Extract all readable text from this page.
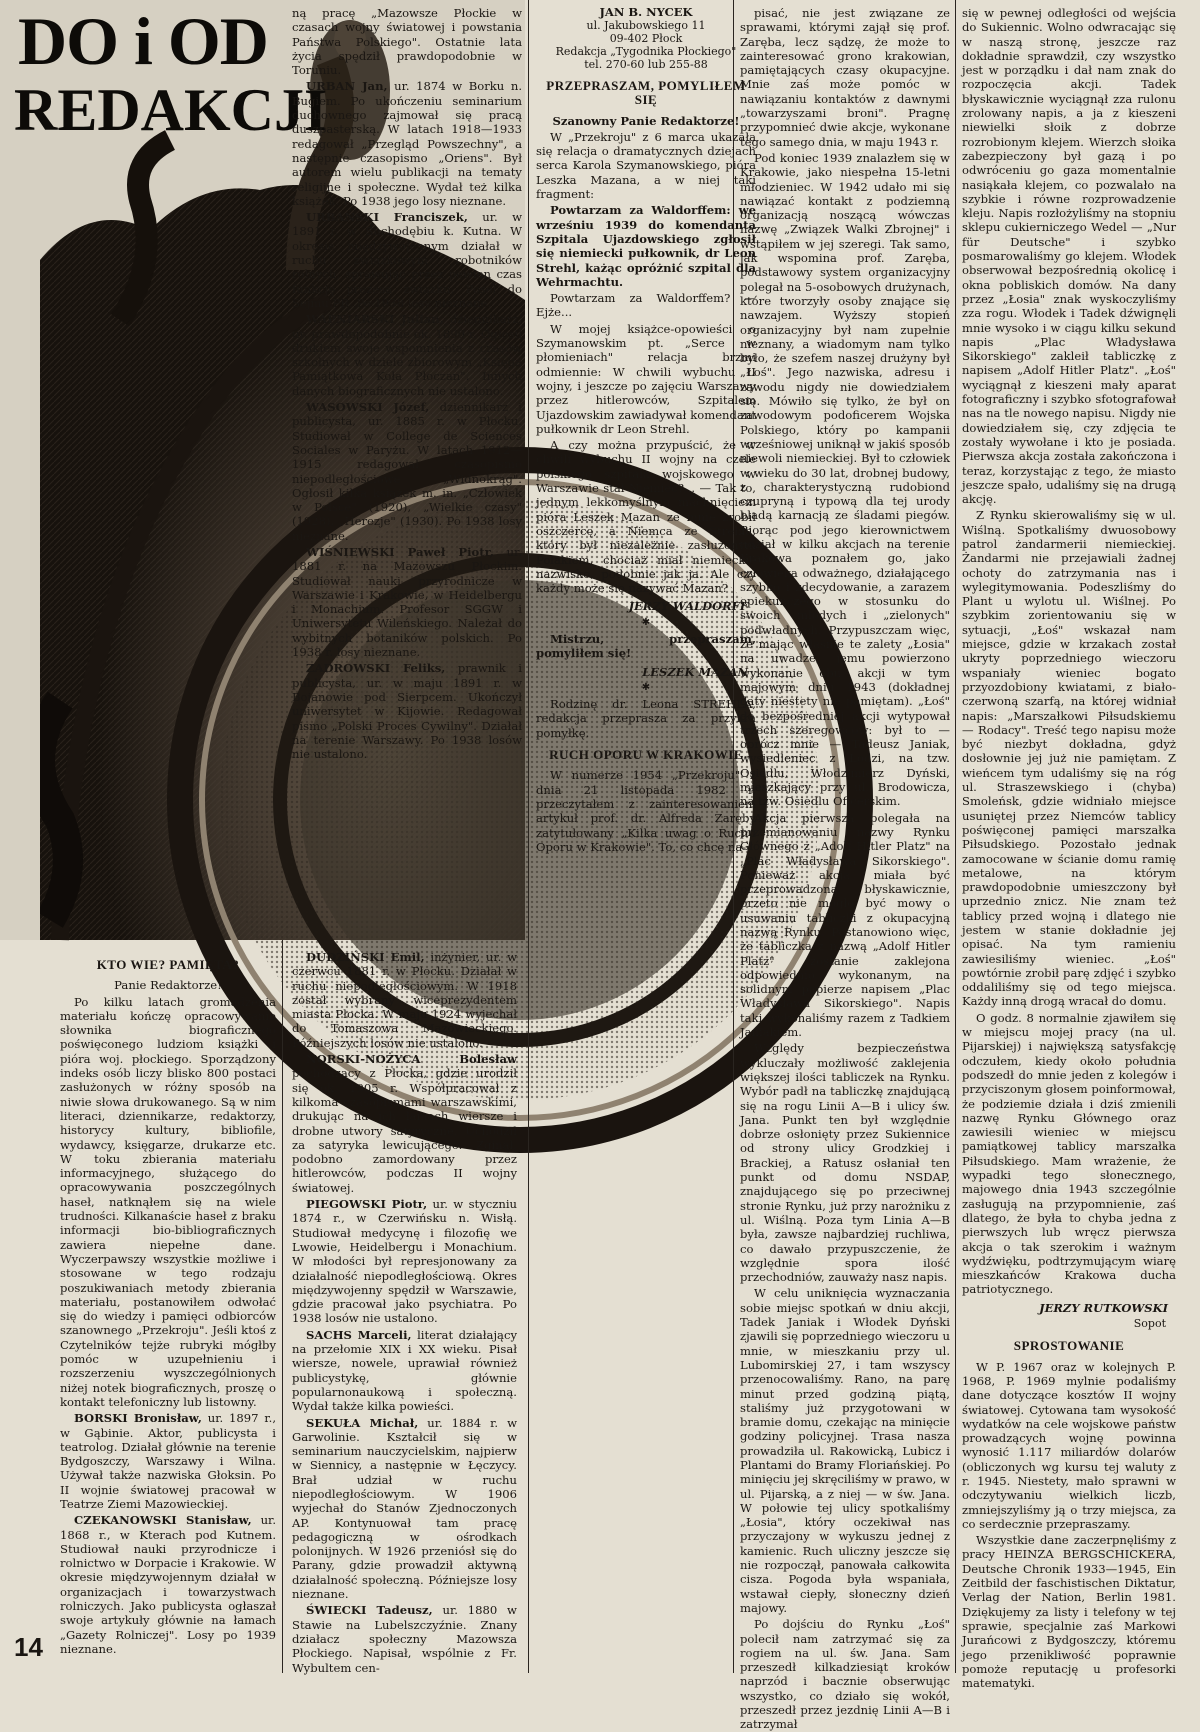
DO i OD
REDAKCJI
KTO WIE? PAMIĘTA?

Panie Redaktorze!

Po kilku latach gromadzenia materiału kończę opracowywanie słownika biograficznego poświęconego ludziom książki i pióra woj. płockiego. Sporządzony indeks osób liczy blisko 800 postaci zasłużonych w różny sposób na niwie słowa drukowanego. Są w nim literaci, dziennikarze, redaktorzy, historycy kultury, bibliofile, wydawcy, księgarze, drukarze etc. W toku zbierania materiału informacyjnego, służącego do opracowywania poszczególnych haseł, natknąłem się na wiele trudności. Kilkanaście haseł z braku informacji bio-bibliograficznych zawiera niepełne dane. Wyczerpawszy wszystkie możliwe i stosowane w tego rodzaju poszukiwaniach metody zbierania materiału, postanowiłem odwołać się do wiedzy i pamięci odbiorców szanownego „Przekroju". Jeśli ktoś z Czytelników tejże rubryki mógłby pomóc w uzupełnieniu i rozszerzeniu wyszczególnionych niżej notek biograficznych, proszę o kontakt telefoniczny lub listowny.

BORSKI Bronisław, ur. 1897 r., w Gąbinie. Aktor, publicysta i teatrolog. Działał głównie na terenie Bydgoszczy, Warszawy i Wilna. Używał także nazwiska Głoksin. Po II wojnie światowej pracował w Teatrze Ziemi Mazowieckiej.

CZEKANOWSKI Stanisław, ur. 1868 r., w Kterach pod Kutnem. Studiował nauki przyrodnicze i rolnictwo w Dorpacie i Krakowie. W okresie międzywojennym działał w organizacjach i towarzystwach rolniczych. Jako publicysta ogłaszał swoje artykuły głównie na łamach „Gazety Rolniczej". Losy po 1939 nieznane.

ną pracę „Mazowsze Płockie w czasach wojny światowej i powstania Państwa Polskiego". Ostatnie lata życia spędził prawdopodobnie w Toruniu.

URBAN Jan, ur. 1874 w Borku n. Bugiem. Po ukończeniu seminarium duchownego zajmował się pracą duszpasterską. W latach 1918—1933 redagował „Przegląd Powszechny", a następnie czasopismo „Oriens". Był autorem wielu publikacji na tematy religijne i społeczne. Wydał też kilka książek. Po 1938 jego losy nieznane.

URBAŃSKI Franciszek, ur. w 1891 r. w Suchodębiu k. Kutna. W okresie międzywojennym działał w ruchu związkowym robotników rolnych, sprawując przez pewien czas funkcję prezesa związku. Posel do Sejmu PR. Po 1938 losy nieznane.

WAPNIARSKI Julian, dziennikarz, ur. prawdopodobnie ok. 1890 r. Ogłosił drukiem swoje wspomnienia z czasów szkolnych w dziele zbiorowym „Księga Pamiątkowa Koła Płoczan". Innych danych biograficznych nie ustalono.

WASOWSKI Józef, dziennikarz i publicysta, ur. 1885 r. w Płocku. Studiował w College de Sciences Sociales w Paryżu. W latach 1912—1915 redagował czasopismo niepodległościowe „Widnokrąg". Ogłosił kilka książek m. in. „Człowiek w Polsce" (1920), „Wielkie czasy" (1928), „Herezje" (1930). Po 1938 losy nieznane.

WIŚNIEWSKI Paweł Piotr, ur. 1881 r. na Mazowszu Płockim. Studiował nauki przyrodnicze w Warszawie i Krakowie, w Heidelbergu i Monachium. Profesor SGGW i Uniwersytetu Wileńskiego. Należał do wybitnych botaników polskich. Po 1938 r. losy nieznane.

ZADROWSKI Feliks, prawnik i publicysta, ur. w maju 1891 r. w Bojanowie pod Sierpcem. Ukończył uniwersytet w Kijowie. Redagował pismo „Polski Proces Cywilny". Działał na terenie Warszawy. Po 1938 losów nie ustalono.

DUDZIŃSKI Emil, inżynier, ur. w czerwcu 1881 r. w Płocku. Działał w ruchu niepodległościowym. W 1918 został wybrany wiceprezydentem miasta Płocka. W maju 1924 wyjechał do Tomaszowa Mazowieckiego. Późniejszych losów nie ustalono.

NORSKI-NOŻYCA Bolesław pochodzący z Płocka, gdzie urodził się ok. 1905 r. Współpracował z kilkoma czasopismami warszawskimi, drukując na ich łamach wiersze i drobne utwory satyryczne. Uchodził za satyryka lewicującego. Zginął, podobno zamordowany przez hitlerowców, podczas II wojny światowej.

PIEGOWSKI Piotr, ur. w styczniu 1874 r., w Czerwińsku n. Wisłą. Studiował medycynę i filozofię we Lwowie, Heidelbergu i Monachium. W młodości był represjonowany za działalność niepodległościową. Okres międzywojenny spędził w Warszawie, gdzie pracował jako psychiatra. Po 1938 losów nie ustalono.

SACHS Marceli, literat działający na przełomie XIX i XX wieku. Pisał wiersze, nowele, uprawiał również publicystykę, głównie popularnonaukową i społeczną. Wydał także kilka powieści.

SEKUŁA Michał, ur. 1884 r. w Garwolinie. Kształcił się w seminarium nauczycielskim, najpierw w Siennicy, a następnie w Łęczycy. Brał udział w ruchu niepodległościowym. W 1906 wyjechał do Stanów Zjednoczonych AP. Kontynuował tam pracę pedagogiczną w ośrodkach polonijnych. W 1926 przeniósł się do Parany, gdzie prowadził aktywną działalność społeczną. Późniejsze losy nieznane.

ŚWIECKI Tadeusz, ur. 1880 w Stawie na Lubelszczyźnie. Znany działacz społeczny Mazowsza Płockiego. Napisał, wspólnie z Fr. Wybultem cen-

JAN B. NYCEK
ul. Jakubowskiego 11
09-402 Płock
Redakcja „Tygodnika Płockiego"
tel. 270-60 lub 255-88
PRZEPRASZAM, POMYLIŁEM SIĘ

Szanowny Panie Redaktorze!

W „Przekroju" z 6 marca ukazała się relacja o dramatycznych dziejach serca Karola Szymanowskiego, pióra Leszka Mazana, a w niej taki fragment:

Powtarzam za Waldorffem: we wrześniu 1939 do komendanta Szpitala Ujazdowskiego zgłosił się niemiecki pułkownik, dr Leon Strehl, każąc opróżnić szpital dla Wehrmachtu.

Powtarzam za Waldorffem? — Ejże...

W mojej książce-opowieści o Szymanowskim pt. „Serce w płomieniach" relacja brzmi odmiennie: W chwili wybuchu II wojny, i jeszcze po zajęciu Warszawy przez hitlerowców, Szpitalem Ujazdowskim zawiadywał komendant pułkownik dr Leon Strehl.

A czy można przypuścić, że w chwili wybuchu II wojny na czele polskiego szpitala wojskowego w Warszawie stał Niemiec?... — Tak to, jednym lekkomyślnym machnięciem pióra Leszek Mazan ze mnie zrobił oszczercę, a Niemca ze Strehla, który był niezależnie zasłużonym Polakiem, chociaż miał niemieckie nazwisko, podobnie jak ja. Ale czy każdy może się nazywać Mazan?

JERZY WALDORFF
✱

Mistrzu, przepraszam, pomyliłem się!

LESZEK MAZAN
✱

Rodzinę dr. Leona STREHLA, redakcja przeprasza za przykrą pomyłkę.

RUCH OPORU W KRAKOWIE

W numerze 1954 „Przekroju" z dnia 21 listopada 1982 r. przeczytałem z zainteresowaniem artykuł prof. dr. Alfreda Zaręby zatytułowany „Kilka uwag o Ruchu Oporu w Krakowie". To, co chcę na-

pisać, nie jest związane ze sprawami, którymi zajął się prof. Zaręba, lecz sądzę, że może to zainteresować grono krakowian, pamiętających czasy okupacyjne. Mnie zaś może pomóc w nawiązaniu kontaktów z dawnymi „towarzyszami broni". Pragnę przypomnieć dwie akcje, wykonane tego samego dnia, w maju 1943 r.

Pod koniec 1939 znalazłem się w Krakowie, jako niespełna 15-letni młodzieniec. W 1942 udało mi się nawiązać kontakt z podziemną organizacją noszącą wówczas nazwę „Związek Walki Zbrojnej" i wstąpiłem w jej szeregi. Tak samo, jak wspomina prof. Zaręba, podstawowy system organizacyjny polegał na 5-osobowych drużynach, które tworzyły osoby znające się nawzajem. Wyższy stopień organizacyjny był nam zupełnie nieznany, a wiadomym nam tylko było, że szefem naszej drużyny był „Łoś". Jego nazwiska, adresu i zawodu nigdy nie dowiedziałem się. Mówiło się tylko, że był on zawodowym podoficerem Wojska Polskiego, który po kampanii wrześniowej uniknął w jakiś sposób niewoli niemieckiej. Był to człowiek w wieku do 30 lat, drobnej budowy, z charakterystyczną rudobiond czupryną i typową dla tej urody bladą karnacją ze śladami piegów. Biorąc pod jego kierownictwem udział w kilku akcjach na terenie Krakowa poznałem go, jako człowieka odważnego, działającego szybko i zdecydowanie, a zarazem opiekuńczego w stosunku do swoich młodych i „zielonych" podwładnych. Przypuszczam więc, że mając właśnie te zalety „Łosia" na uwadze, jemu powierzono wykonanie obu akcji w tym majowym dniu 1943 (dokładnej daty niestety nie pamiętam). „Łoś" do bezpośredniej akcji wytypował trzech szeregowców: był to — oprócz mnie — Tadeusz Janiak, wysiedleniec z Łodzi, na tzw. Osiedlu, Włodzimierz Dyński, mieszkający przy ul. Brodowicza, na tzw. Osiedlu Oficerskim.

Akcja pierwsza polegała na przemianowaniu nazwy Rynku Głównego z „Adolf Hitler Platz" na „Plac Władysława Sikorskiego". Ponieważ akcja miała być przeprowadzona błyskawicznie, przeto nie mogło być mowy o usuwaniu tabliczki z okupacyjną nazwą Rynku. Postanowiono więc, że tabliczka z nazwą „Adolf Hitler Platz" zostanie zaklejona odpowiednio wykonanym, na solidnym papierze napisem „Plac Władysława Sikorskiego". Napis taki wykonaliśmy razem z Tadkiem Janiakiem.

Względy bezpieczeństwa wykluczały możliwość zaklejenia większej ilości tabliczek na Rynku. Wybór padł na tabliczkę znajdującą się na rogu Linii A—B i ulicy św. Jana. Punkt ten był względnie dobrze osłonięty przez Sukiennice od strony ulicy Grodzkiej i Brackiej, a Ratusz osłaniał ten punkt od domu NSDAP, znajdującego się po przeciwnej stronie Rynku, już przy narożniku z ul. Wiślną. Poza tym Linia A—B była, zawsze najbardziej ruchliwa, co dawało przypuszczenie, że względnie spora ilość przechodniów, zauważy nasz napis.

W celu uniknięcia wyznaczania sobie miejsc spotkań w dniu akcji, Tadek Janiak i Włodek Dyński zjawili się poprzedniego wieczoru u mnie, w mieszkaniu przy ul. Lubomirskiej 27, i tam wszyscy przenocowaliśmy. Rano, na parę minut przed godziną piątą, staliśmy już przygotowani w bramie domu, czekając na minięcie godziny policyjnej. Trasa nasza prowadziła ul. Rakowicką, Lubicz i Plantami do Bramy Floriańskiej. Po minięciu jej skręciliśmy w prawo, w ul. Pijarską, a z niej — w św. Jana. W połowie tej ulicy spotkaliśmy „Łosia", który oczekiwał nas przyczajony w wykuszu jednej z kamienic. Ruch uliczny jeszcze się nie rozpoczął, panowała całkowita cisza. Pogoda była wspaniała, wstawał ciepły, słoneczny dzień majowy.

Po dojściu do Rynku „Łoś" polecił nam zatrzymać się za rogiem na ul. św. Jana. Sam przeszedł kilkadziesiąt kroków naprzód i bacznie obserwując wszystko, co działo się wokół, przeszedł przez jezdnię Linii A—B i zatrzymał

się w pewnej odległości od wejścia do Sukiennic. Wolno odwracając się w naszą stronę, jeszcze raz dokładnie sprawdził, czy wszystko jest w porządku i dał nam znak do rozpoczęcia akcji. Tadek błyskawicznie wyciągnął zza rulonu zrolowany napis, a ja z kieszeni niewielki słoik z dobrze rozrobionym klejem. Wierzch słoika zabezpieczony był gazą i po odwróceniu go gaza momentalnie nasiąkała klejem, co pozwalało na szybkie i równe rozprowadzenie kleju. Napis rozłożyliśmy na stopniu sklepu cukierniczego Wedel — „Nur für Deutsche" i szybko posmarowaliśmy go klejem. Włodek obserwował bezpośrednią okolicę i okna pobliskich domów. Na dany przez „Łosia" znak wyskoczyliśmy zza rogu. Włodek i Tadek dźwignęli mnie wysoko i w ciągu kilku sekund napis „Plac Władysława Sikorskiego" zakleił tabliczkę z napisem „Adolf Hitler Platz". „Łoś" wyciągnął z kieszeni mały aparat fotograficzny i szybko sfotografował nas na tle nowego napisu. Nigdy nie dowiedziałem się, czy zdjęcia te zostały wywołane i kto je posiada. Pierwsza akcja została zakończona i teraz, korzystając z tego, że miasto jeszcze spało, udaliśmy się na drugą akcję.

Z Rynku skierowaliśmy się w ul. Wiślną. Spotkaliśmy dwuosobowy patrol żandarmerii niemieckiej. Żandarmi nie przejawiali żadnej ochoty do zatrzymania nas i wylegitymowania. Podeszliśmy do Plant u wylotu ul. Wiślnej. Po szybkim zorientowaniu się w sytuacji, „Łoś" wskazał nam miejsce, gdzie w krzakach został ukryty poprzedniego wieczoru wspaniały wieniec bogato przyozdobiony kwiatami, z biało-czerwoną szarfą, na której widniał napis: „Marszałkowi Piłsudskiemu — Rodacy". Treść tego napisu może być niezbyt dokładna, gdyż dosłownie jej już nie pamiętam. Z wieńcem tym udaliśmy się na róg ul. Straszewskiego i (chyba) Smoleńsk, gdzie widniało miejsce usuniętej przez Niemców tablicy poświęconej pamięci marszałka Piłsudskiego. Pozostało jednak zamocowane w ścianie domu ramię metalowe, na którym prawdopodobnie umieszczony był uprzednio znicz. Nie znam też tablicy przed wojną i dlatego nie jestem w stanie dokładnie jej opisać. Na tym ramieniu zawiesiliśmy wieniec. „Łoś" powtórnie zrobił parę zdjęć i szybko oddaliliśmy się od tego miejsca. Każdy inną drogą wracał do domu.

O godz. 8 normalnie zjawiłem się w miejscu mojej pracy (na ul. Pijarskiej) i największą satysfakcję odczułem, kiedy około południa podszedł do mnie jeden z kolegów i przyciszonym głosem poinformował, że podziemie działa i dziś zmienili nazwę Rynku Głównego oraz zawiesili wieniec w miejscu pamiątkowej tablicy marszałka Piłsudskiego. Mam wrażenie, że wypadki tego słonecznego, majowego dnia 1943 szczególnie zasługują na przypomnienie, zaś dlatego, że była to chyba jedna z pierwszych lub wręcz pierwsza akcja o tak szerokim i ważnym wydźwięku, podtrzymującym wiarę mieszkańców Krakowa ducha patriotycznego.

JERZY RUTKOWSKI
Sopot
SPROSTOWANIE

W P. 1967 oraz w kolejnych P. 1968, P. 1969 mylnie podaliśmy dane dotyczące kosztów II wojny światowej. Cytowana tam wysokość wydatków na cele wojskowe państw prowadzących wojnę powinna wynosić 1.117 miliardów dolarów (obliczonych wg kursu tej waluty z r. 1945. Niestety, mało sprawni w odczytywaniu wielkich liczb, zmniejszyliśmy ją o trzy miejsca, za co serdecznie przepraszamy.

Wszystkie dane zaczerpnęliśmy z pracy HEINZA BERGSCHICKERA, Deutsche Chronik 1933—1945, Ein Zeitbild der faschistischen Diktatur, Verlag der Nation, Berlin 1981. Dziękujemy za listy i telefony w tej sprawie, specjalnie zaś Markowi Jurańcowi z Bydgoszczy, któremu jego przenikliwość poprawnie pomoże reputację u profesorki matematyki.

14
